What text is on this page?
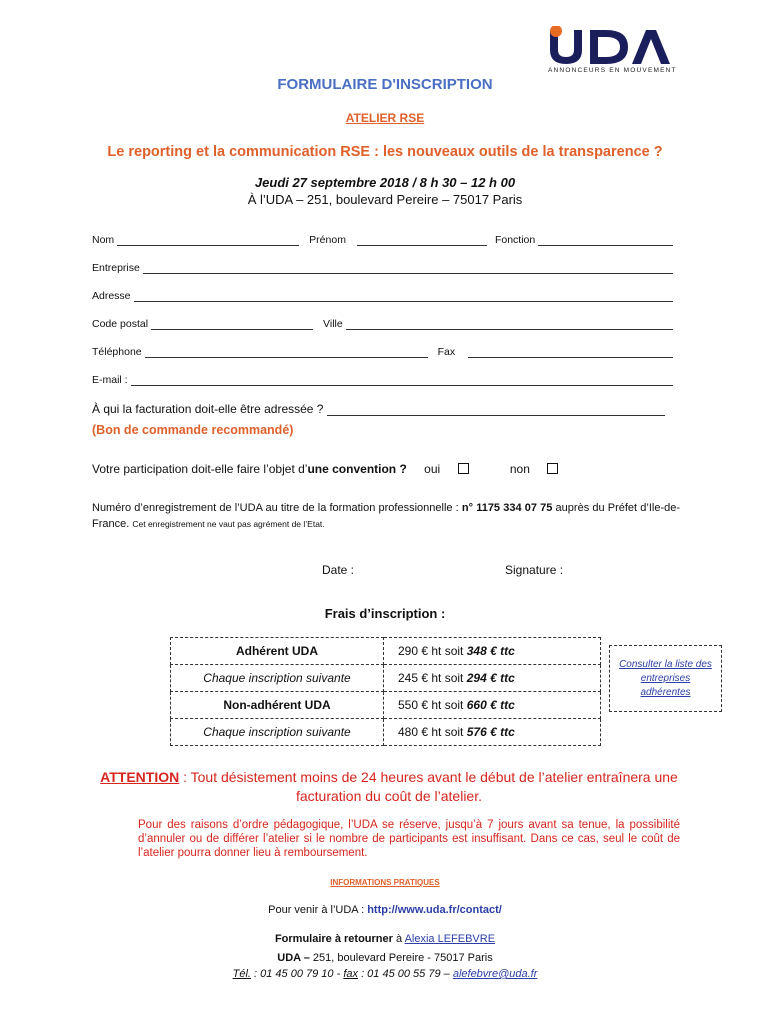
ANNONCEURS EN MOUVEMENT
FORMULAIRE D'INSCRIPTION
ATELIER RSE
Le reporting et la communication RSE : les nouveaux outils de la transparence ?
Jeudi 27 septembre 2018 / 8 h 30 – 12 h 00
À l’UDA – 251, boulevard Pereire – 75017 Paris
Nom	Prénom	Fonction
Entreprise
Adresse
Code postal	Ville
Téléphone	Fax
E-mail :
À qui la facturation doit-elle être adressée ?
(Bon de commande recommandé)
Votre participation doit-elle faire l’objet d’une convention ? oui	non
Numéro d’enregistrement de l’UDA au titre de la formation professionnelle : n° 1175 334 07 75 auprès du Préfet d’Ile-de-France. Cet enregistrement ne vaut pas agrément de l’Etat.
Date :	Signature :
Frais d’inscription :
Adhérent UDA	290 € ht soit 348 € ttc
Chaque inscription suivante	245 € ht soit 294 € ttc
Non-adhérent UDA	550 € ht soit 660 € ttc
Chaque inscription suivante	480 € ht soit 576 € ttc
Consulter la liste des entreprises adhérentes
ATTENTION : Tout désistement moins de 24 heures avant le début de l’atelier entraînera une facturation du coût de l’atelier.
Pour des raisons d’ordre pédagogique, l’UDA se réserve, jusqu’à 7 jours avant sa tenue, la possibilité d’annuler ou de différer l’atelier si le nombre de participants est insuffisant. Dans ce cas, seul le coût de l’atelier pourra donner lieu à remboursement.
INFORMATIONS PRATIQUES
Pour venir à l’UDA : http://www.uda.fr/contact/
Formulaire à retourner à Alexia LEFEBVRE
UDA – 251, boulevard Pereire - 75017 Paris
Tél. : 01 45 00 79 10 - fax : 01 45 00 55 79 – alefebvre@uda.fr
